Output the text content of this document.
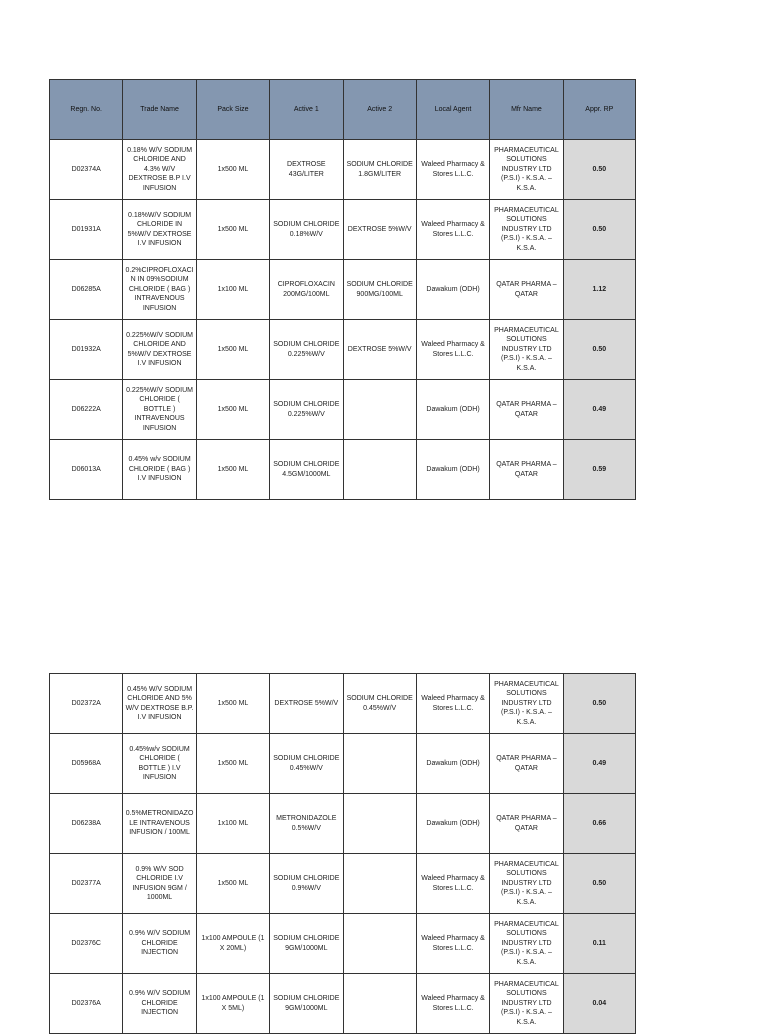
Regn. No.	Trade Name	Pack Size	Active 1	Active 2	Local Agent	Mfr Name	Appr. RP
D02374A	0.18% W/V SODIUM CHLORIDE AND 4.3% W/V DEXTROSE B.P I.V INFUSION	1x500 ML	DEXTROSE 43G/LITER	SODIUM CHLORIDE 1.8GM/LITER	Waleed Pharmacy & Stores L.L.C.	PHARMACEUTICAL SOLUTIONS INDUSTRY LTD (P.S.I) - K.S.A. – K.S.A.	0.50
D01931A	0.18%W/V SODIUM CHLORIDE IN 5%W/V DEXTROSE I.V INFUSION	1x500 ML	SODIUM CHLORIDE 0.18%W/V	DEXTROSE 5%W/V	Waleed Pharmacy & Stores L.L.C.	PHARMACEUTICAL SOLUTIONS INDUSTRY LTD (P.S.I) - K.S.A. – K.S.A.	0.50
D06285A	0.2%CIPROFLOXACI N IN 09%SODIUM CHLORIDE ( BAG ) INTRAVENOUS INFUSION	1x100 ML	CIPROFLOXACIN 200MG/100ML	SODIUM CHLORIDE 900MG/100ML	Dawakum (ODH)	QATAR PHARMA – QATAR	1.12
D01932A	0.225%W/V SODIUM CHLORIDE AND 5%W/V DEXTROSE I.V INFUSION	1x500 ML	SODIUM CHLORIDE 0.225%W/V	DEXTROSE 5%W/V	Waleed Pharmacy & Stores L.L.C.	PHARMACEUTICAL SOLUTIONS INDUSTRY LTD (P.S.I) - K.S.A. – K.S.A.	0.50
D06222A	0.225%W/V SODIUM CHLORIDE ( BOTTLE ) INTRAVENOUS INFUSION	1x500 ML	SODIUM CHLORIDE 0.225%W/V		Dawakum (ODH)	QATAR PHARMA – QATAR	0.49
D06013A	0.45% w/v SODIUM CHLORIDE ( BAG ) I.V INFUSION	1x500 ML	SODIUM CHLORIDE 4.5GM/1000ML		Dawakum (ODH)	QATAR PHARMA – QATAR	0.59
D02372A	0.45% W/V SODIUM CHLORIDE AND 5% W/V DEXTROSE B.P. I.V INFUSION	1x500 ML	DEXTROSE 5%W/V	SODIUM CHLORIDE 0.45%W/V	Waleed Pharmacy & Stores L.L.C.	PHARMACEUTICAL SOLUTIONS INDUSTRY LTD (P.S.I) - K.S.A. – K.S.A.	0.50
D05968A	0.45%w/v SODIUM CHLORIDE ( BOTTLE ) I.V INFUSION	1x500 ML	SODIUM CHLORIDE 0.45%W/V		Dawakum (ODH)	QATAR PHARMA – QATAR	0.49
D06238A	0.5%METRONIDAZO LE INTRAVENOUS INFUSION / 100ML	1x100 ML	METRONIDAZOLE 0.5%W/V		Dawakum (ODH)	QATAR PHARMA – QATAR	0.66
D02377A	0.9% W/V SOD CHLORIDE I.V INFUSION 9GM / 1000ML	1x500 ML	SODIUM CHLORIDE 0.9%W/V		Waleed Pharmacy & Stores L.L.C.	PHARMACEUTICAL SOLUTIONS INDUSTRY LTD (P.S.I) - K.S.A. – K.S.A.	0.50
D02376C	0.9% W/V SODIUM CHLORIDE INJECTION	1x100 AMPOULE (1 X 20ML)	SODIUM CHLORIDE 9GM/1000ML		Waleed Pharmacy & Stores L.L.C.	PHARMACEUTICAL SOLUTIONS INDUSTRY LTD (P.S.I) - K.S.A. – K.S.A.	0.11
D02376A	0.9% W/V SODIUM CHLORIDE INJECTION	1x100 AMPOULE (1 X 5ML)	SODIUM CHLORIDE 9GM/1000ML		Waleed Pharmacy & Stores L.L.C.	PHARMACEUTICAL SOLUTIONS INDUSTRY LTD (P.S.I) - K.S.A. – K.S.A.	0.04
